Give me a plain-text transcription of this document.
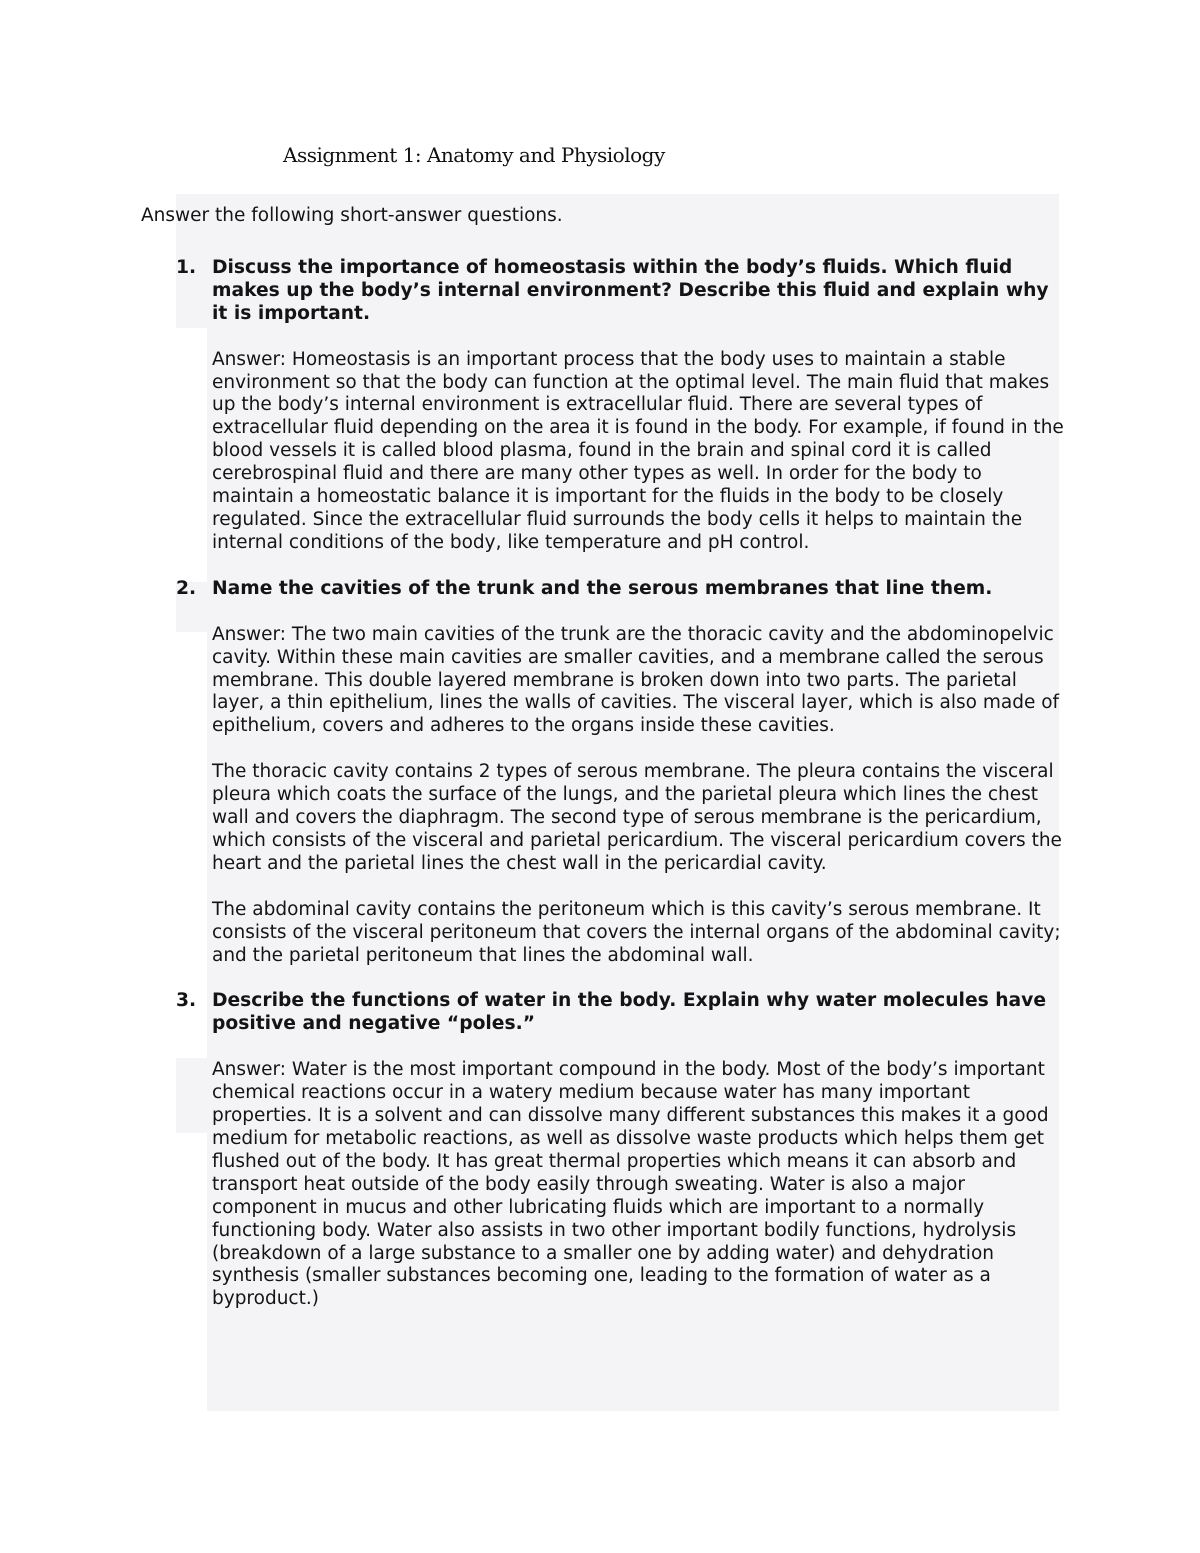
Assignment 1: Anatomy and Physiology

Answer the following short-answer questions.

1. Discuss the importance of homeostasis within the body’s fluids. Which fluid makes up the body’s internal environment? Describe this fluid and explain why it is important.

Answer: Homeostasis is an important process that the body uses to maintain a stable environment so that the body can function at the optimal level. The main fluid that makes up the body’s internal environment is extracellular fluid. There are several types of extracellular fluid depending on the area it is found in the body. For example, if found in the blood vessels it is called blood plasma, found in the brain and spinal cord it is called cerebrospinal fluid and there are many other types as well. In order for the body to maintain a homeostatic balance it is important for the fluids in the body to be closely regulated. Since the extracellular fluid surrounds the body cells it helps to maintain the internal conditions of the body, like temperature and pH control.

2. Name the cavities of the trunk and the serous membranes that line them.

Answer: The two main cavities of the trunk are the thoracic cavity and the abdominopelvic cavity. Within these main cavities are smaller cavities, and a membrane called the serous membrane. This double layered membrane is broken down into two parts. The parietal layer, a thin epithelium, lines the walls of cavities. The visceral layer, which is also made of epithelium, covers and adheres to the organs inside these cavities.

The thoracic cavity contains 2 types of serous membrane. The pleura contains the visceral pleura which coats the surface of the lungs, and the parietal pleura which lines the chest wall and covers the diaphragm. The second type of serous membrane is the pericardium, which consists of the visceral and parietal pericardium. The visceral pericardium covers the heart and the parietal lines the chest wall in the pericardial cavity.

The abdominal cavity contains the peritoneum which is this cavity’s serous membrane. It consists of the visceral peritoneum that covers the internal organs of the abdominal cavity; and the parietal peritoneum that lines the abdominal wall.

3. Describe the functions of water in the body. Explain why water molecules have positive and negative “poles.”

Answer: Water is the most important compound in the body. Most of the body’s important chemical reactions occur in a watery medium because water has many important properties. It is a solvent and can dissolve many different substances this makes it a good medium for metabolic reactions, as well as dissolve waste products which helps them get flushed out of the body. It has great thermal properties which means it can absorb and transport heat outside of the body easily through sweating. Water is also a major component in mucus and other lubricating fluids which are important to a normally functioning body. Water also assists in two other important bodily functions, hydrolysis (breakdown of a large substance to a smaller one by adding water) and dehydration synthesis (smaller substances becoming one, leading to the formation of water as a byproduct.)
